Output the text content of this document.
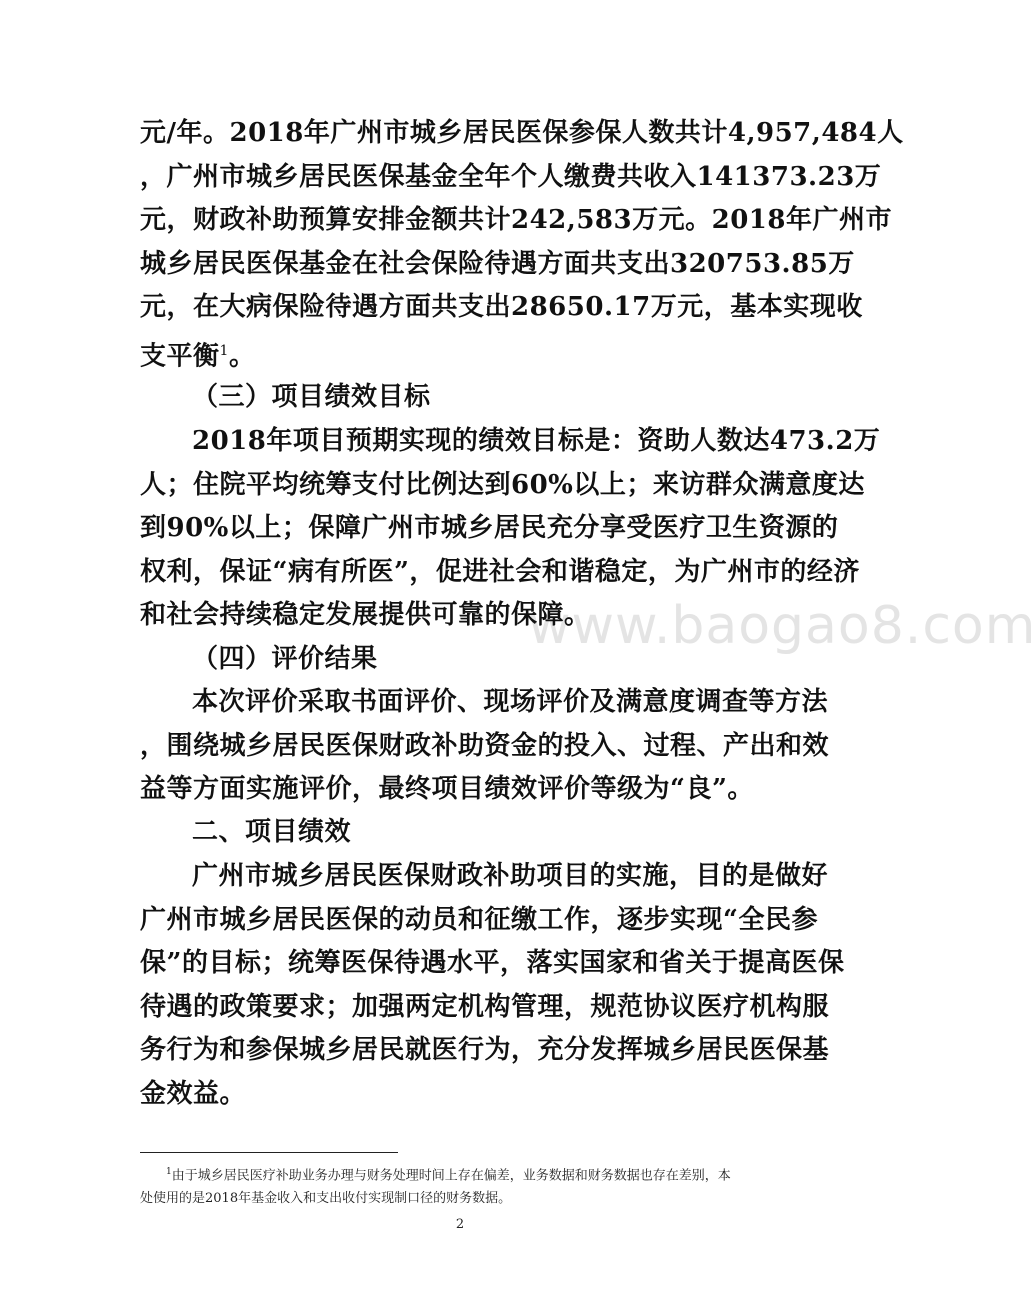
www.baogao8.com
元/年。2018年广州市城乡居民医保参保人数共计4,957,484人
，广州市城乡居民医保基金全年个人缴费共收入141373.23万
元，财政补助预算安排金额共计242,583万元。2018年广州市
城乡居民医保基金在社会保险待遇方面共支出320753.85万
元，在大病保险待遇方面共支出28650.17万元，基本实现收
支平衡$^1$。
（三）项目绩效目标
2018年项目预期实现的绩效目标是：资助人数达473.2万
人；住院平均统筹支付比例达到60%以上；来访群众满意度达
到90%以上；保障广州市城乡居民充分享受医疗卫生资源的
权利，保证“病有所医”，促进社会和谐稳定，为广州市的经济
和社会持续稳定发展提供可靠的保障。
（四）评价结果
本次评价采取书面评价、现场评价及满意度调查等方法
，围绕城乡居民医保财政补助资金的投入、过程、产出和效
益等方面实施评价，最终项目绩效评价等级为“良”。
二、项目绩效
广州市城乡居民医保财政补助项目的实施，目的是做好
广州市城乡居民医保的动员和征缴工作，逐步实现“全民参
保”的目标；统筹医保待遇水平，落实国家和省关于提高医保
待遇的政策要求；加强两定机构管理，规范协议医疗机构服
务行为和参保城乡居民就医行为，充分发挥城乡居民医保基
金效益。
$^1$由于城乡居民医疗补助业务办理与财务处理时间上存在偏差，业务数据和财务数据也存在差别，本
处使用的是2018年基金收入和支出收付实现制口径的财务数据。
2
